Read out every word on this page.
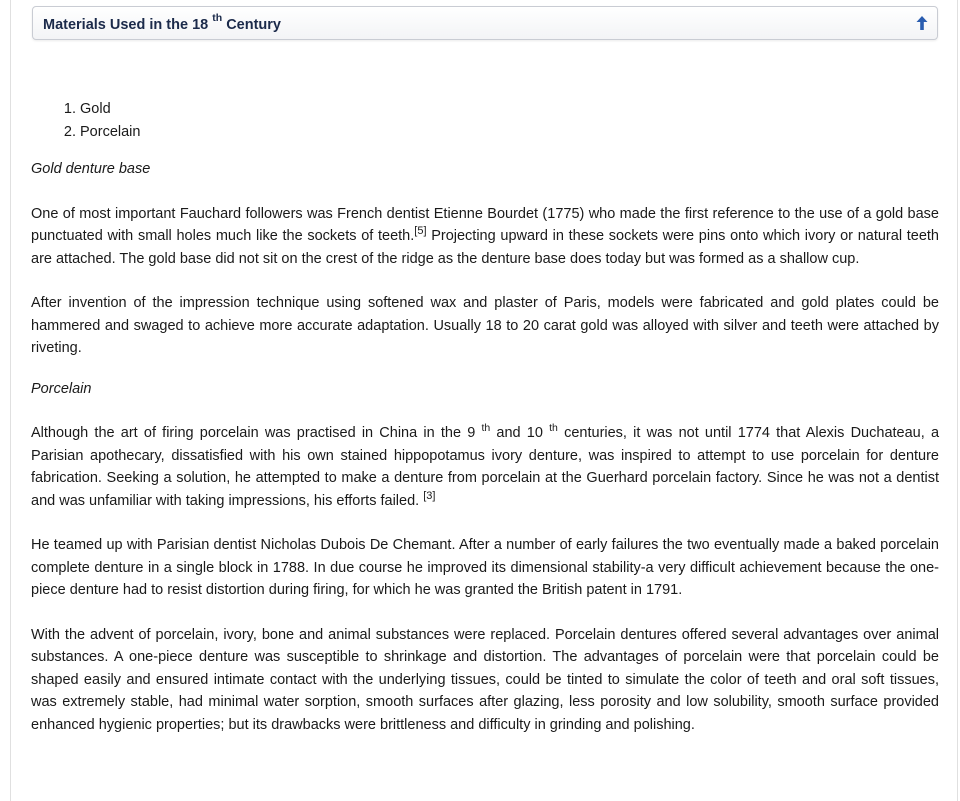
Materials Used in the 18 $^{th}$ Century
1. Gold
2. Porcelain
Gold denture base

One of most important Fauchard followers was French dentist Etienne Bourdet (1775) who made the first reference to the use of a gold base punctuated with small holes much like the sockets of teeth.[5] Projecting upward in these sockets were pins onto which ivory or natural teeth are attached. The gold base did not sit on the crest of the ridge as the denture base does today but was formed as a shallow cup.

After invention of the impression technique using softened wax and plaster of Paris, models were fabricated and gold plates could be hammered and swaged to achieve more accurate adaptation. Usually 18 to 20 carat gold was alloyed with silver and teeth were attached by riveting.

Porcelain

Although the art of firing porcelain was practised in China in the 9 $^{th}$ and 10 $^{th}$ centuries, it was not until 1774 that Alexis Duchateau, a Parisian apothecary, dissatisfied with his own stained hippopotamus ivory denture, was inspired to attempt to use porcelain for denture fabrication. Seeking a solution, he attempted to make a denture from porcelain at the Guerhard porcelain factory. Since he was not a dentist and was unfamiliar with taking impressions, his efforts failed. [3]

He teamed up with Parisian dentist Nicholas Dubois De Chemant. After a number of early failures the two eventually made a baked porcelain complete denture in a single block in 1788. In due course he improved its dimensional stability-a very difficult achievement because the one-piece denture had to resist distortion during firing, for which he was granted the British patent in 1791.

With the advent of porcelain, ivory, bone and animal substances were replaced. Porcelain dentures offered several advantages over animal substances. A one-piece denture was susceptible to shrinkage and distortion. The advantages of porcelain were that porcelain could be shaped easily and ensured intimate contact with the underlying tissues, could be tinted to simulate the color of teeth and oral soft tissues, was extremely stable, had minimal water sorption, smooth surfaces after glazing, less porosity and low solubility, smooth surface provided enhanced hygienic properties; but its drawbacks were brittleness and difficulty in grinding and polishing.
